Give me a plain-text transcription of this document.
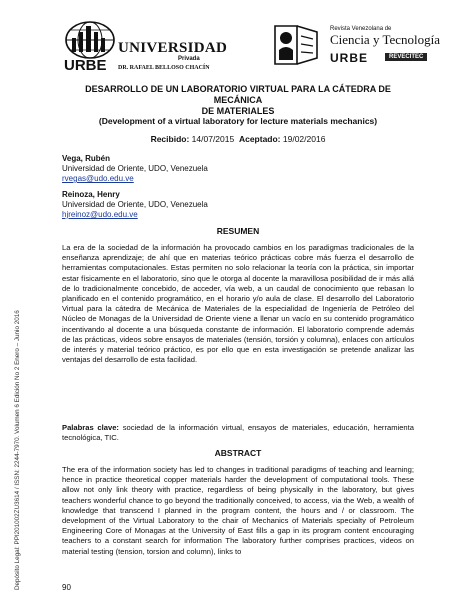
URBE
UNIVERSIDAD
Privada
DR. RAFAEL BELLOSO CHACÍN
Revista Venezolana de
Ciencia y Tecnología
URBE	REVECITEC
Depósito Legal: PPI201002ZU3614 / ISSN: 2244-7970. Volumen 6 Edición No 2 Enero – Junio 2016
DESARROLLO DE UN LABORATORIO VIRTUAL PARA LA CÁTEDRA DE MECÁNICA
DE MATERIALES
(Development of a virtual laboratory for lecture materials mechanics)
Recibido: 14/07/2015 Aceptado: 19/02/2016
Vega, Rubén
Universidad de Oriente, UDO, Venezuela
rvegas@udo.edu.ve
Reinoza, Henry
Universidad de Oriente, UDO, Venezuela
hjreinoz@udo.edu.ve
RESUMEN
La era de la sociedad de la información ha provocado cambios en los paradigmas tradicionales de la enseñanza aprendizaje; de ahí que en materias teórico prácticas cobre más fuerza el desarrollo de herramientas computacionales. Estas permiten no solo relacionar la teoría con la práctica, sin importar estar físicamente en el laboratorio, sino que le otorga al docente la maravillosa posibilidad de ir más allá de lo tradicionalmente concebido, de acceder, vía web, a un caudal de conocimiento que rebasan lo planificado en el contenido programático, en el horario y/o aula de clase. El desarrollo del Laboratorio Virtual para la cátedra de Mecánica de Materiales de la especialidad de Ingeniería de Petróleo del Núcleo de Monagas de la Universidad de Oriente viene a llenar un vacío en su contenido programático incentivando al docente a una búsqueda constante de información. El laboratorio comprende además de las prácticas, videos sobre ensayos de materiales (tensión, torsión y columna), enlaces con artículos de interés y material teórico práctico, es por ello que en esta investigación se pretende analizar las ventajas del desarrollo de esta facilidad.
Palabras clave: sociedad de la información virtual, ensayos de materiales, educación, herramienta tecnológica, TIC.
ABSTRACT
The era of the information society has led to changes in traditional paradigms of teaching and learning; hence in practice theoretical copper materials harder the development of computational tools. These allow not only link theory with practice, regardless of being physically in the laboratory, but gives teachers wonderful chance to go beyond the traditionally conceived, to access, via the Web, a wealth of knowledge that transcend I planned in the program content, the hours and / or classroom. The development of the Virtual Laboratory to the chair of Mechanics of Materials specialty of Petroleum Engineering Core of Monagas at the University of East fills a gap in its program content encouraging teachers to a constant search for information The laboratory further comprises practices, videos on material testing (tension, torsion and column), links to
90
